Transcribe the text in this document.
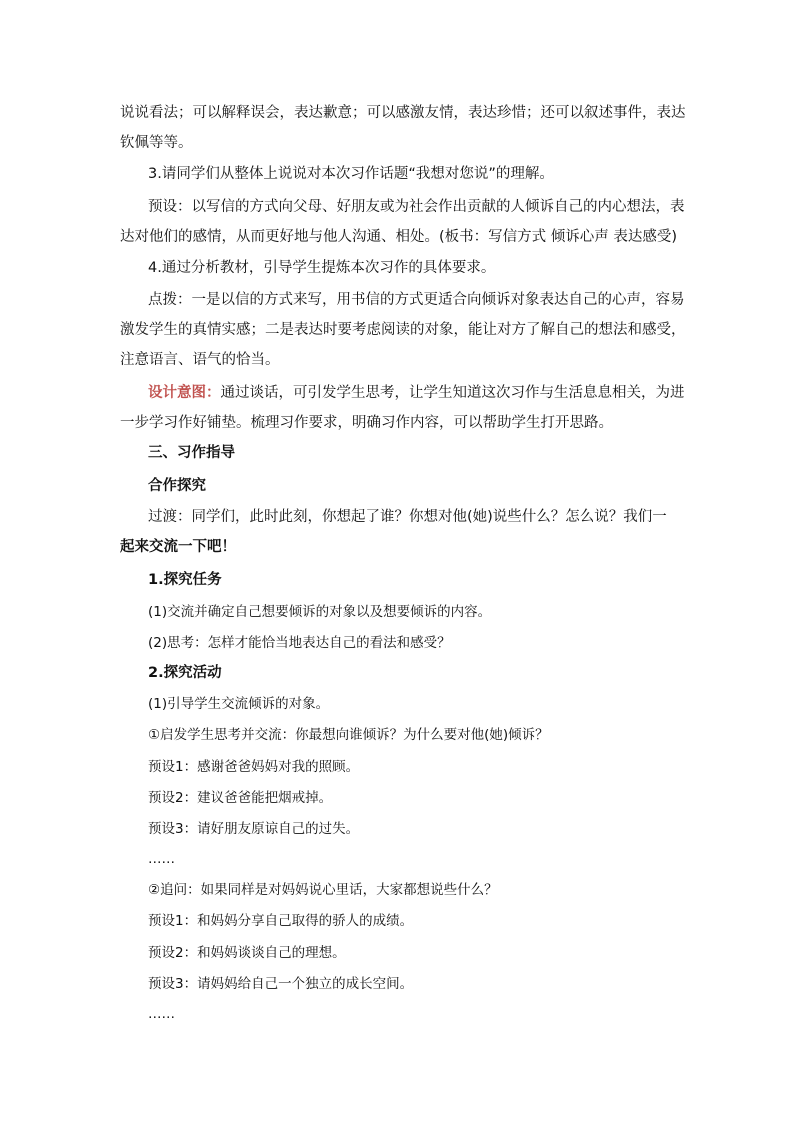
说说看法；可以解释误会，表达歉意；可以感激友情，表达珍惜；还可以叙述事件，表达
钦佩等等。
3.请同学们从整体上说说对本次习作话题“我想对您说”的理解。
预设：以写信的方式向父母、好朋友或为社会作出贡献的人倾诉自己的内心想法，表
达对他们的感情，从而更好地与他人沟通、相处。(板书：写信方式 倾诉心声 表达感受)
4.通过分析教材，引导学生提炼本次习作的具体要求。
点拨：一是以信的方式来写，用书信的方式更适合向倾诉对象表达自己的心声，容易
激发学生的真情实感；二是表达时要考虑阅读的对象，能让对方了解自己的想法和感受，
注意语言、语气的恰当。
设计意图：通过谈话，可引发学生思考，让学生知道这次习作与生活息息相关，为进
一步学习作好铺垫。梳理习作要求，明确习作内容，可以帮助学生打开思路。
三、习作指导
合作探究
过渡：同学们，此时此刻，你想起了谁？你想对他(她)说些什么？怎么说？我们一
起来交流一下吧！
1.探究任务
(1)交流并确定自己想要倾诉的对象以及想要倾诉的内容。
(2)思考：怎样才能恰当地表达自己的看法和感受？
2.探究活动
(1)引导学生交流倾诉的对象。
①启发学生思考并交流：你最想向谁倾诉？为什么要对他(她)倾诉？
预设1：感谢爸爸妈妈对我的照顾。
预设2：建议爸爸能把烟戒掉。
预设3：请好朋友原谅自己的过失。
……
②追问：如果同样是对妈妈说心里话，大家都想说些什么？
预设1：和妈妈分享自己取得的骄人的成绩。
预设2：和妈妈谈谈自己的理想。
预设3：请妈妈给自己一个独立的成长空间。
……
